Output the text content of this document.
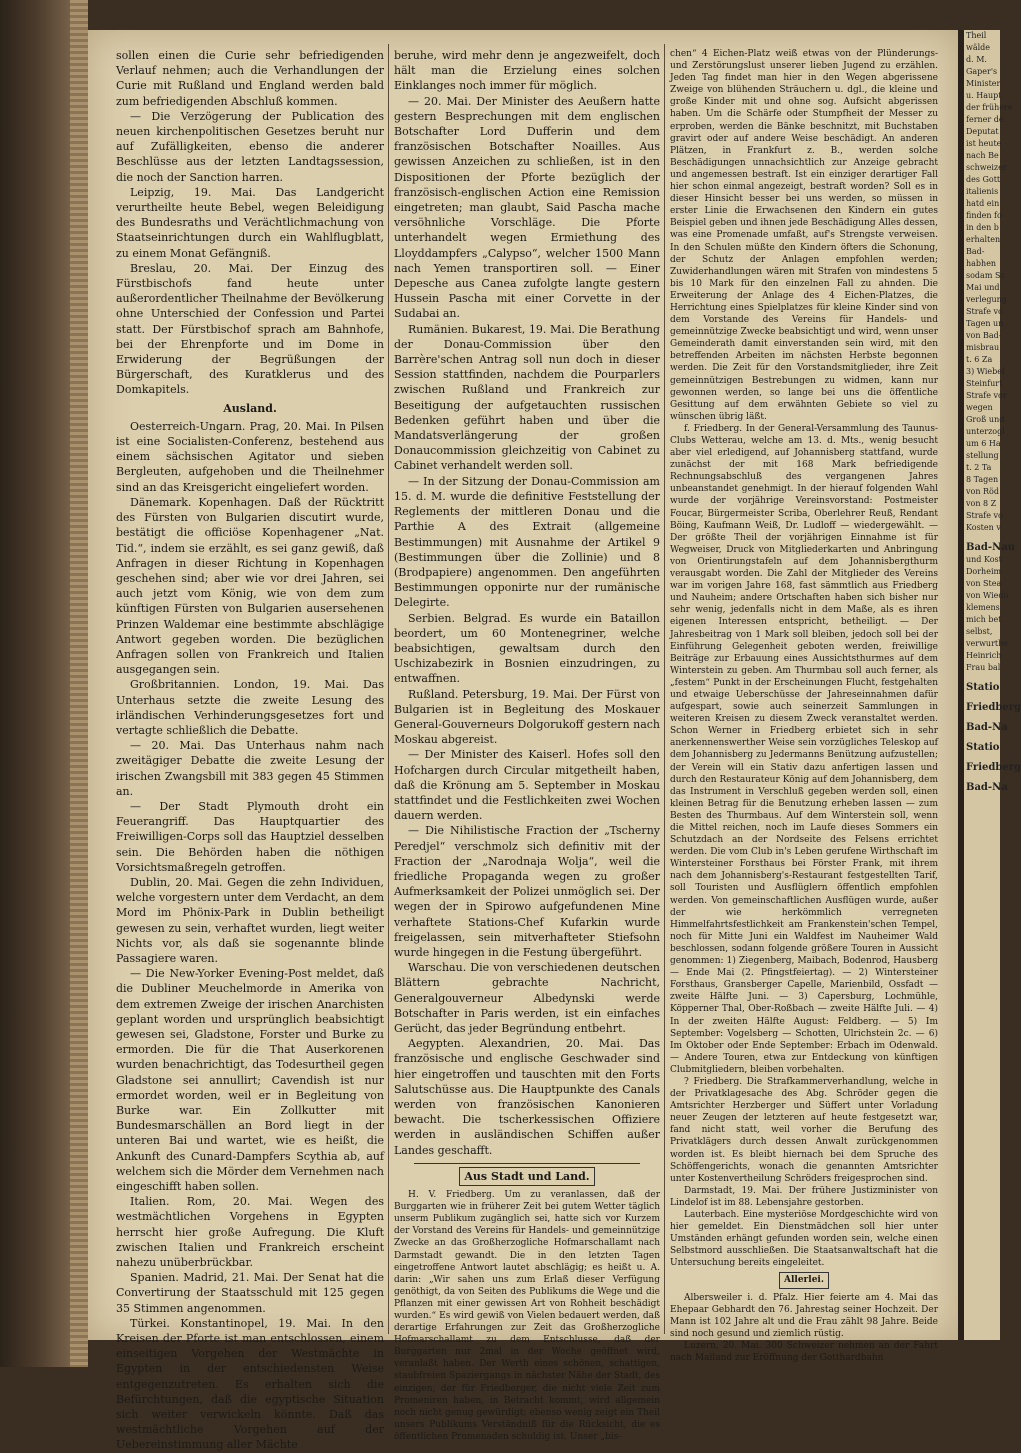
sollen einen die Curie sehr befriedigenden Verlauf nehmen; auch die Verhandlungen der Curie mit Rußland und England werden bald zum befriedigenden Abschluß kommen.

— Die Verzögerung der Publication des neuen kirchenpolitischen Gesetzes beruht nur auf Zufälligkeiten, ebenso die anderer Beschlüsse aus der letzten Landtagssession, die noch der Sanction harren.

Leipzig, 19. Mai. Das Landgericht verurtheilte heute Bebel, wegen Beleidigung des Bundesraths und Verächtlichmachung von Staatseinrichtungen durch ein Wahlflugblatt, zu einem Monat Gefängniß.

Breslau, 20. Mai. Der Einzug des Fürstbischofs fand heute unter außerordentlicher Theilnahme der Bevölkerung ohne Unterschied der Confession und Partei statt. Der Fürstbischof sprach am Bahnhofe, bei der Ehrenpforte und im Dome in Erwiderung der Begrüßungen der Bürgerschaft, des Kuratklerus und des Domkapitels.

Ausland.

Oesterreich-Ungarn. Prag, 20. Mai. In Pilsen ist eine Socialisten-Conferenz, bestehend aus einem sächsischen Agitator und sieben Bergleuten, aufgehoben und die Theilnehmer sind an das Kreisgericht eingeliefert worden.

Dänemark. Kopenhagen. Daß der Rücktritt des Fürsten von Bulgarien discutirt wurde, bestätigt die officiöse Kopenhagener „Nat. Tid.“, indem sie erzählt, es sei ganz gewiß, daß Anfragen in dieser Richtung in Kopenhagen geschehen sind; aber wie vor drei Jahren, sei auch jetzt vom König, wie von dem zum künftigen Fürsten von Bulgarien ausersehenen Prinzen Waldemar eine bestimmte abschlägige Antwort gegeben worden. Die bezüglichen Anfragen sollen von Frankreich und Italien ausgegangen sein.

Großbritannien. London, 19. Mai. Das Unterhaus setzte die zweite Lesung des irländischen Verhinderungsgesetzes fort und vertagte schließlich die Debatte.

— 20. Mai. Das Unterhaus nahm nach zweitägiger Debatte die zweite Lesung der irischen Zwangsbill mit 383 gegen 45 Stimmen an.

— Der Stadt Plymouth droht ein Feuerangriff. Das Hauptquartier des Freiwilligen-Corps soll das Hauptziel desselben sein. Die Behörden haben die nöthigen Vorsichtsmaßregeln getroffen.

Dublin, 20. Mai. Gegen die zehn Individuen, welche vorgestern unter dem Verdacht, an dem Mord im Phönix-Park in Dublin betheiligt gewesen zu sein, verhaftet wurden, liegt weiter Nichts vor, als daß sie sogenannte blinde Passagiere waren.

— Die New-Yorker Evening-Post meldet, daß die Dubliner Meuchelmorde in Amerika von dem extremen Zweige der irischen Anarchisten geplant worden und ursprünglich beabsichtigt gewesen sei, Gladstone, Forster und Burke zu ermorden. Die für die That Auserkorenen wurden benachrichtigt, das Todesurtheil gegen Gladstone sei annullirt; Cavendish ist nur ermordet worden, weil er in Begleitung von Burke war. Ein Zollkutter mit Bundesmarschällen an Bord liegt in der unteren Bai und wartet, wie es heißt, die Ankunft des Cunard-Dampfers Scythia ab, auf welchem sich die Mörder dem Vernehmen nach eingeschifft haben sollen.

Italien. Rom, 20. Mai. Wegen des westmächtlichen Vorgehens in Egypten herrscht hier große Aufregung. Die Kluft zwischen Italien und Frankreich erscheint nahezu unüberbrückbar.

Spanien. Madrid, 21. Mai. Der Senat hat die Convertirung der Staatsschuld mit 125 gegen 35 Stimmen angenommen.

Türkei. Konstantinopel, 19. Mai. In den Kreisen der Pforte ist man entschlossen, einem einseitigen Vorgehen der Westmächte in Egypten in der entschiedensten Weise entgegenzutreten. Es erhalten sich die Befürchtungen, daß die egyptische Situation sich weiter verwickeln könnte. Daß das westmächtliche Vorgehen auf der Uebereinstimmung aller Mächte

beruhe, wird mehr denn je angezweifelt, doch hält man die Erzielung eines solchen Einklanges noch immer für möglich.

— 20. Mai. Der Minister des Aeußern hatte gestern Besprechungen mit dem englischen Botschafter Lord Dufferin und dem französischen Botschafter Noailles. Aus gewissen Anzeichen zu schließen, ist in den Dispositionen der Pforte bezüglich der französisch-englischen Action eine Remission eingetreten; man glaubt, Said Pascha mache versöhnliche Vorschläge. Die Pforte unterhandelt wegen Ermiethung des Lloyddampfers „Calypso“, welcher 1500 Mann nach Yemen transportiren soll. — Einer Depesche aus Canea zufolgte langte gestern Hussein Pascha mit einer Corvette in der Sudabai an.

Rumänien. Bukarest, 19. Mai. Die Berathung der Donau-Commission über den Barrère'schen Antrag soll nun doch in dieser Session stattfinden, nachdem die Pourparlers zwischen Rußland und Frankreich zur Beseitigung der aufgetauchten russischen Bedenken geführt haben und über die Mandatsverlängerung der großen Donaucommission gleichzeitig von Cabinet zu Cabinet verhandelt werden soll.

— In der Sitzung der Donau-Commission am 15. d. M. wurde die definitive Feststellung der Reglements der mittleren Donau und die Parthie A des Extrait (allgemeine Bestimmungen) mit Ausnahme der Artikel 9 (Bestimmungen über die Zollinie) und 8 (Brodpapiere) angenommen. Den angeführten Bestimmungen opponirte nur der rumänische Delegirte.

Serbien. Belgrad. Es wurde ein Bataillon beordert, um 60 Montenegriner, welche beabsichtigen, gewaltsam durch den Uschizabezirk in Bosnien einzudringen, zu entwaffnen.

Rußland. Petersburg, 19. Mai. Der Fürst von Bulgarien ist in Begleitung des Moskauer General-Gouverneurs Dolgorukoff gestern nach Moskau abgereist.

— Der Minister des Kaiserl. Hofes soll den Hofchargen durch Circular mitgetheilt haben, daß die Krönung am 5. September in Moskau stattfindet und die Festlichkeiten zwei Wochen dauern werden.

— Die Nihilistische Fraction der „Tscherny Peredjel“ verschmolz sich definitiv mit der Fraction der „Narodnaja Wolja“, weil die friedliche Propaganda wegen zu großer Aufmerksamkeit der Polizei unmöglich sei. Der wegen der in Spirowo aufgefundenen Mine verhaftete Stations-Chef Kufarkin wurde freigelassen, sein mitverhafteter Stiefsohn wurde hingegen in die Festung übergeführt.

Warschau. Die von verschiedenen deutschen Blättern gebrachte Nachricht, Generalgouverneur Albedynski werde Botschafter in Paris werden, ist ein einfaches Gerücht, das jeder Begründung entbehrt.

Aegypten. Alexandrien, 20. Mai. Das französische und englische Geschwader sind hier eingetroffen und tauschten mit den Forts Salutschüsse aus. Die Hauptpunkte des Canals werden von französischen Kanonieren bewacht. Die tscherkessischen Offiziere werden in ausländischen Schiffen außer Landes geschafft.

Aus Stadt und Land.

H. V. Friedberg. Um zu veranlassen, daß der Burggarten wie in früherer Zeit bei gutem Wetter täglich unserm Publikum zugänglich sei, hatte sich vor Kurzem der Vorstand des Vereins für Handels- und gemeinnützige Zwecke an das Großherzogliche Hofmarschallamt nach Darmstadt gewandt. Die in den letzten Tagen eingetroffene Antwort lautet abschlägig; es heißt u. A. darin: „Wir sahen uns zum Erlaß dieser Verfügung genöthigt, da von Seiten des Publikums die Wege und die Pflanzen mit einer gewissen Art von Rohheit beschädigt wurden.“ Es wird gewiß von Vielen bedauert werden, daß derartige Erfahrungen zur Zeit das Großherzogliche Hofmarschallamt zu dem Entschlusse, daß der Burggarten nur 2mal in der Woche geöffnet wird, veranlaßt haben. Der Werth eines schönen, schattigen, staubfreien Spaziergangs in nächster Nähe der Stadt, des einzigen, der für Friedberger, die nicht viele Zeit zum Promeniren haben, in Betracht kommt, wird allgemein noch nicht genug gewürdigt; ebenso wenig zeigt ein Theil unsers Publikums Verständniß für die Rücksicht, die es öffentlichen Promenaden schuldig ist. Unser „bis-

chen“ 4 Eichen-Platz weiß etwas von der Plünderungs- und Zerstörungslust unserer lieben Jugend zu erzählen. Jeden Tag findet man hier in den Wegen abgerissene Zweige von blühenden Sträuchern u. dgl., die kleine und große Kinder mit und ohne sog. Aufsicht abgerissen haben. Um die Schärfe oder Stumpfheit der Messer zu erproben, werden die Bänke beschnitzt, mit Buchstaben gravirt oder auf andere Weise beschädigt. An anderen Plätzen, in Frankfurt z. B., werden solche Beschädigungen unnachsichtlich zur Anzeige gebracht und angemessen bestraft. Ist ein einziger derartiger Fall hier schon einmal angezeigt, bestraft worden? Soll es in dieser Hinsicht besser bei uns werden, so müssen in erster Linie die Erwachsenen den Kindern ein gutes Beispiel geben und ihnen jede Beschädigung Alles dessen, was eine Promenade umfaßt, auf's Strengste verweisen. In den Schulen müßte den Kindern öfters die Schonung, der Schutz der Anlagen empfohlen werden; Zuwiderhandlungen wären mit Strafen von mindestens 5 bis 10 Mark für den einzelnen Fall zu ahnden. Die Erweiterung der Anlage des 4 Eichen-Platzes, die Herrichtung eines Spielplatzes für kleine Kinder sind von dem Vorstande des Vereins für Handels- und gemeinnützige Zwecke beabsichtigt und wird, wenn unser Gemeinderath damit einverstanden sein wird, mit den betreffenden Arbeiten im nächsten Herbste begonnen werden. Die Zeit für den Vorstandsmitglieder, ihre Zeit gemeinnützigen Bestrebungen zu widmen, kann nur gewonnen werden, so lange bei uns die öffentliche Gesittung auf dem erwähnten Gebiete so viel zu wünschen übrig läßt.

f. Friedberg. In der General-Versammlung des Taunus-Clubs Wetterau, welche am 13. d. Mts., wenig besucht aber viel erledigend, auf Johannisberg stattfand, wurde zunächst der mit 168 Mark befriedigende Rechnungsabschluß des vergangenen Jahres unbeanstandet genehmigt. In der hierauf folgenden Wahl wurde der vorjährige Vereinsvorstand: Postmeister Foucar, Bürgermeister Scriba, Oberlehrer Reuß, Rendant Böing, Kaufmann Weiß, Dr. Ludloff — wiedergewählt. — Der größte Theil der vorjährigen Einnahme ist für Wegweiser, Druck von Mitgliederkarten und Anbringung von Orientirungstafeln auf dem Johannisbergthurm verausgabt worden. Die Zahl der Mitglieder des Vereins war im vorigen Jahre 168, fast sämmtlich aus Friedberg und Nauheim; andere Ortschaften haben sich bisher nur sehr wenig, jedenfalls nicht in dem Maße, als es ihren eigenen Interessen entspricht, betheiligt. — Der Jahresbeitrag von 1 Mark soll bleiben, jedoch soll bei der Einführung Gelegenheit geboten werden, freiwillige Beiträge zur Erbauung eines Aussichtsthurmes auf dem Winterstein zu geben. Am Thurmbau soll auch ferner, als „festem“ Punkt in der Erscheinungen Flucht, festgehalten und etwaige Ueberschüsse der Jahreseinnahmen dafür aufgespart, sowie auch seinerzeit Sammlungen in weiteren Kreisen zu diesem Zweck veranstaltet werden. Schon Werner in Friedberg erbietet sich in sehr anerkennenswerther Weise sein vorzügliches Teleskop auf dem Johannisberg zu Jedermanns Benützung aufzustellen; der Verein will ein Stativ dazu anfertigen lassen und durch den Restaurateur König auf dem Johannisberg, dem das Instrument in Verschluß gegeben werden soll, einen kleinen Betrag für die Benutzung erheben lassen — zum Besten des Thurmbaus. Auf dem Winterstein soll, wenn die Mittel reichen, noch im Laufe dieses Sommers ein Schutzdach an der Nordseite des Felsens errichtet werden. Die vom Club in's Leben gerufene Wirthschaft im Wintersteiner Forsthaus bei Förster Frank, mit ihrem nach dem Johannisberg's-Restaurant festgestellten Tarif, soll Touristen und Ausflüglern öffentlich empfohlen werden. Von gemeinschaftlichen Ausflügen wurde, außer der wie herkömmlich verregneten Himmelfahrtsfestlichkeit am Frankenstein'schen Tempel, noch für Mitte Juni ein Waldfest im Nauheimer Wald beschlossen, sodann folgende größere Touren in Aussicht genommen: 1) Ziegenberg, Maibach, Bodenrod, Hausberg — Ende Mai (2. Pfingstfeiertag). — 2) Wintersteiner Forsthaus, Gransberger Capelle, Marienbild, Ossfadt — zweite Hälfte Juni. — 3) Capersburg, Lochmühle, Köpperner Thal, Ober-Roßbach — zweite Hälfte Juli. — 4) In der zweiten Hälfte August: Feldberg. — 5) Im September: Vogelsberg — Schotten, Ulrichstein 2c. — 6) Im Oktober oder Ende September: Erbach im Odenwald. — Andere Touren, etwa zur Entdeckung von künftigen Clubmitgliedern, bleiben vorbehalten.

? Friedberg. Die Strafkammerverhandlung, welche in der Privatklagesache des Abg. Schröder gegen die Amtsrichter Herzberger und Süffert unter Vorladung neuer Zeugen der letzteren auf heute festgesetzt war, fand nicht statt, weil vorher die Berufung des Privatklägers durch dessen Anwalt zurückgenommen worden ist. Es bleibt hiernach bei dem Spruche des Schöffengerichts, wonach die genannten Amtsrichter unter Kostenvertheilung Schröders freigesprochen sind.

Darmstadt, 19. Mai. Der frühere Justizminister von Lindelof ist im 88. Lebensjahre gestorben.

Lauterbach. Eine mysteriöse Mordgeschichte wird von hier gemeldet. Ein Dienstmädchen soll hier unter Umständen erhängt gefunden worden sein, welche einen Selbstmord ausschließen. Die Staatsanwaltschaft hat die Untersuchung bereits eingeleitet.

Allerlei.

Albersweiler i. d. Pfalz. Hier feierte am 4. Mai das Ehepaar Gebhardt den 76. Jahrestag seiner Hochzeit. Der Mann ist 102 Jahre alt und die Frau zählt 98 Jahre. Beide sind noch gesund und ziemlich rüstig.

Luzern, 20. Mai. 300 Schweizer nehmen an der Fahrt nach Mailand zur Eröffnung der Gotthardbahn

Theil
wälde
d. M.
Gaper's
Minister
u. Haupt
der frühere
ferner de
Deputat
ist heute
nach Be
schweizer
des Gott
italienis
hatd ein
finden fo
in den b
erhalten
Bad-
habhen
sodam Sc
Mai und
verlegung
Strafe vo
Tagen un
von Bad-
misbrau
t. 6 Za
3) Wiebel
Steinfurt
Strafe vor
wegen
Groß und
unterzogl
um 6 Ha
stellung
t. 2 Ta
8 Tagen
von Röd
von 8 Z
Strafe vo
Kosten v
Bad-Nau
und Kost
Dorheim
von Stea
von Wiedo
klemens
mich bet
selbst,
verwurthe
Heinrich
Frau bal
Statio
Friedberg
Bad-Na
Statio
Friedberg
Bad-Na
